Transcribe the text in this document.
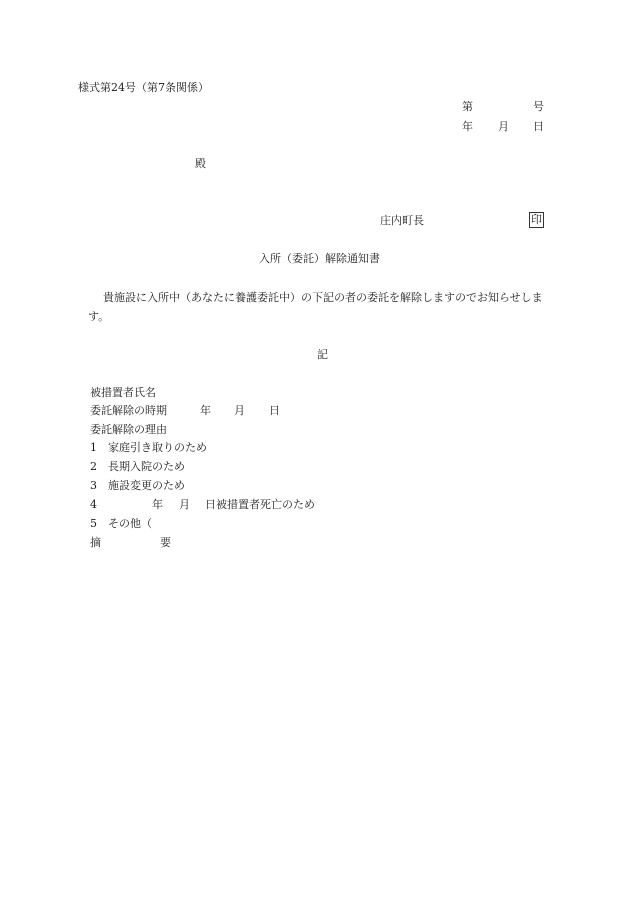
様式第24号（第7条関係）
第	号
年 月 日
殿
庄内町長	印
入所（委託）解除通知書
貴施設に入所中（あなたに養護委託中）の下記の者の委託を解除しますのでお知らせしま
す。
記
被措置者氏名
委託解除の時期	年 月 日
委託解除の理由
1 家庭引き取りのため
2 長期入院のため
3 施設変更のため
4	年 月 日被措置者死亡のため
5 その他（
摘	要
